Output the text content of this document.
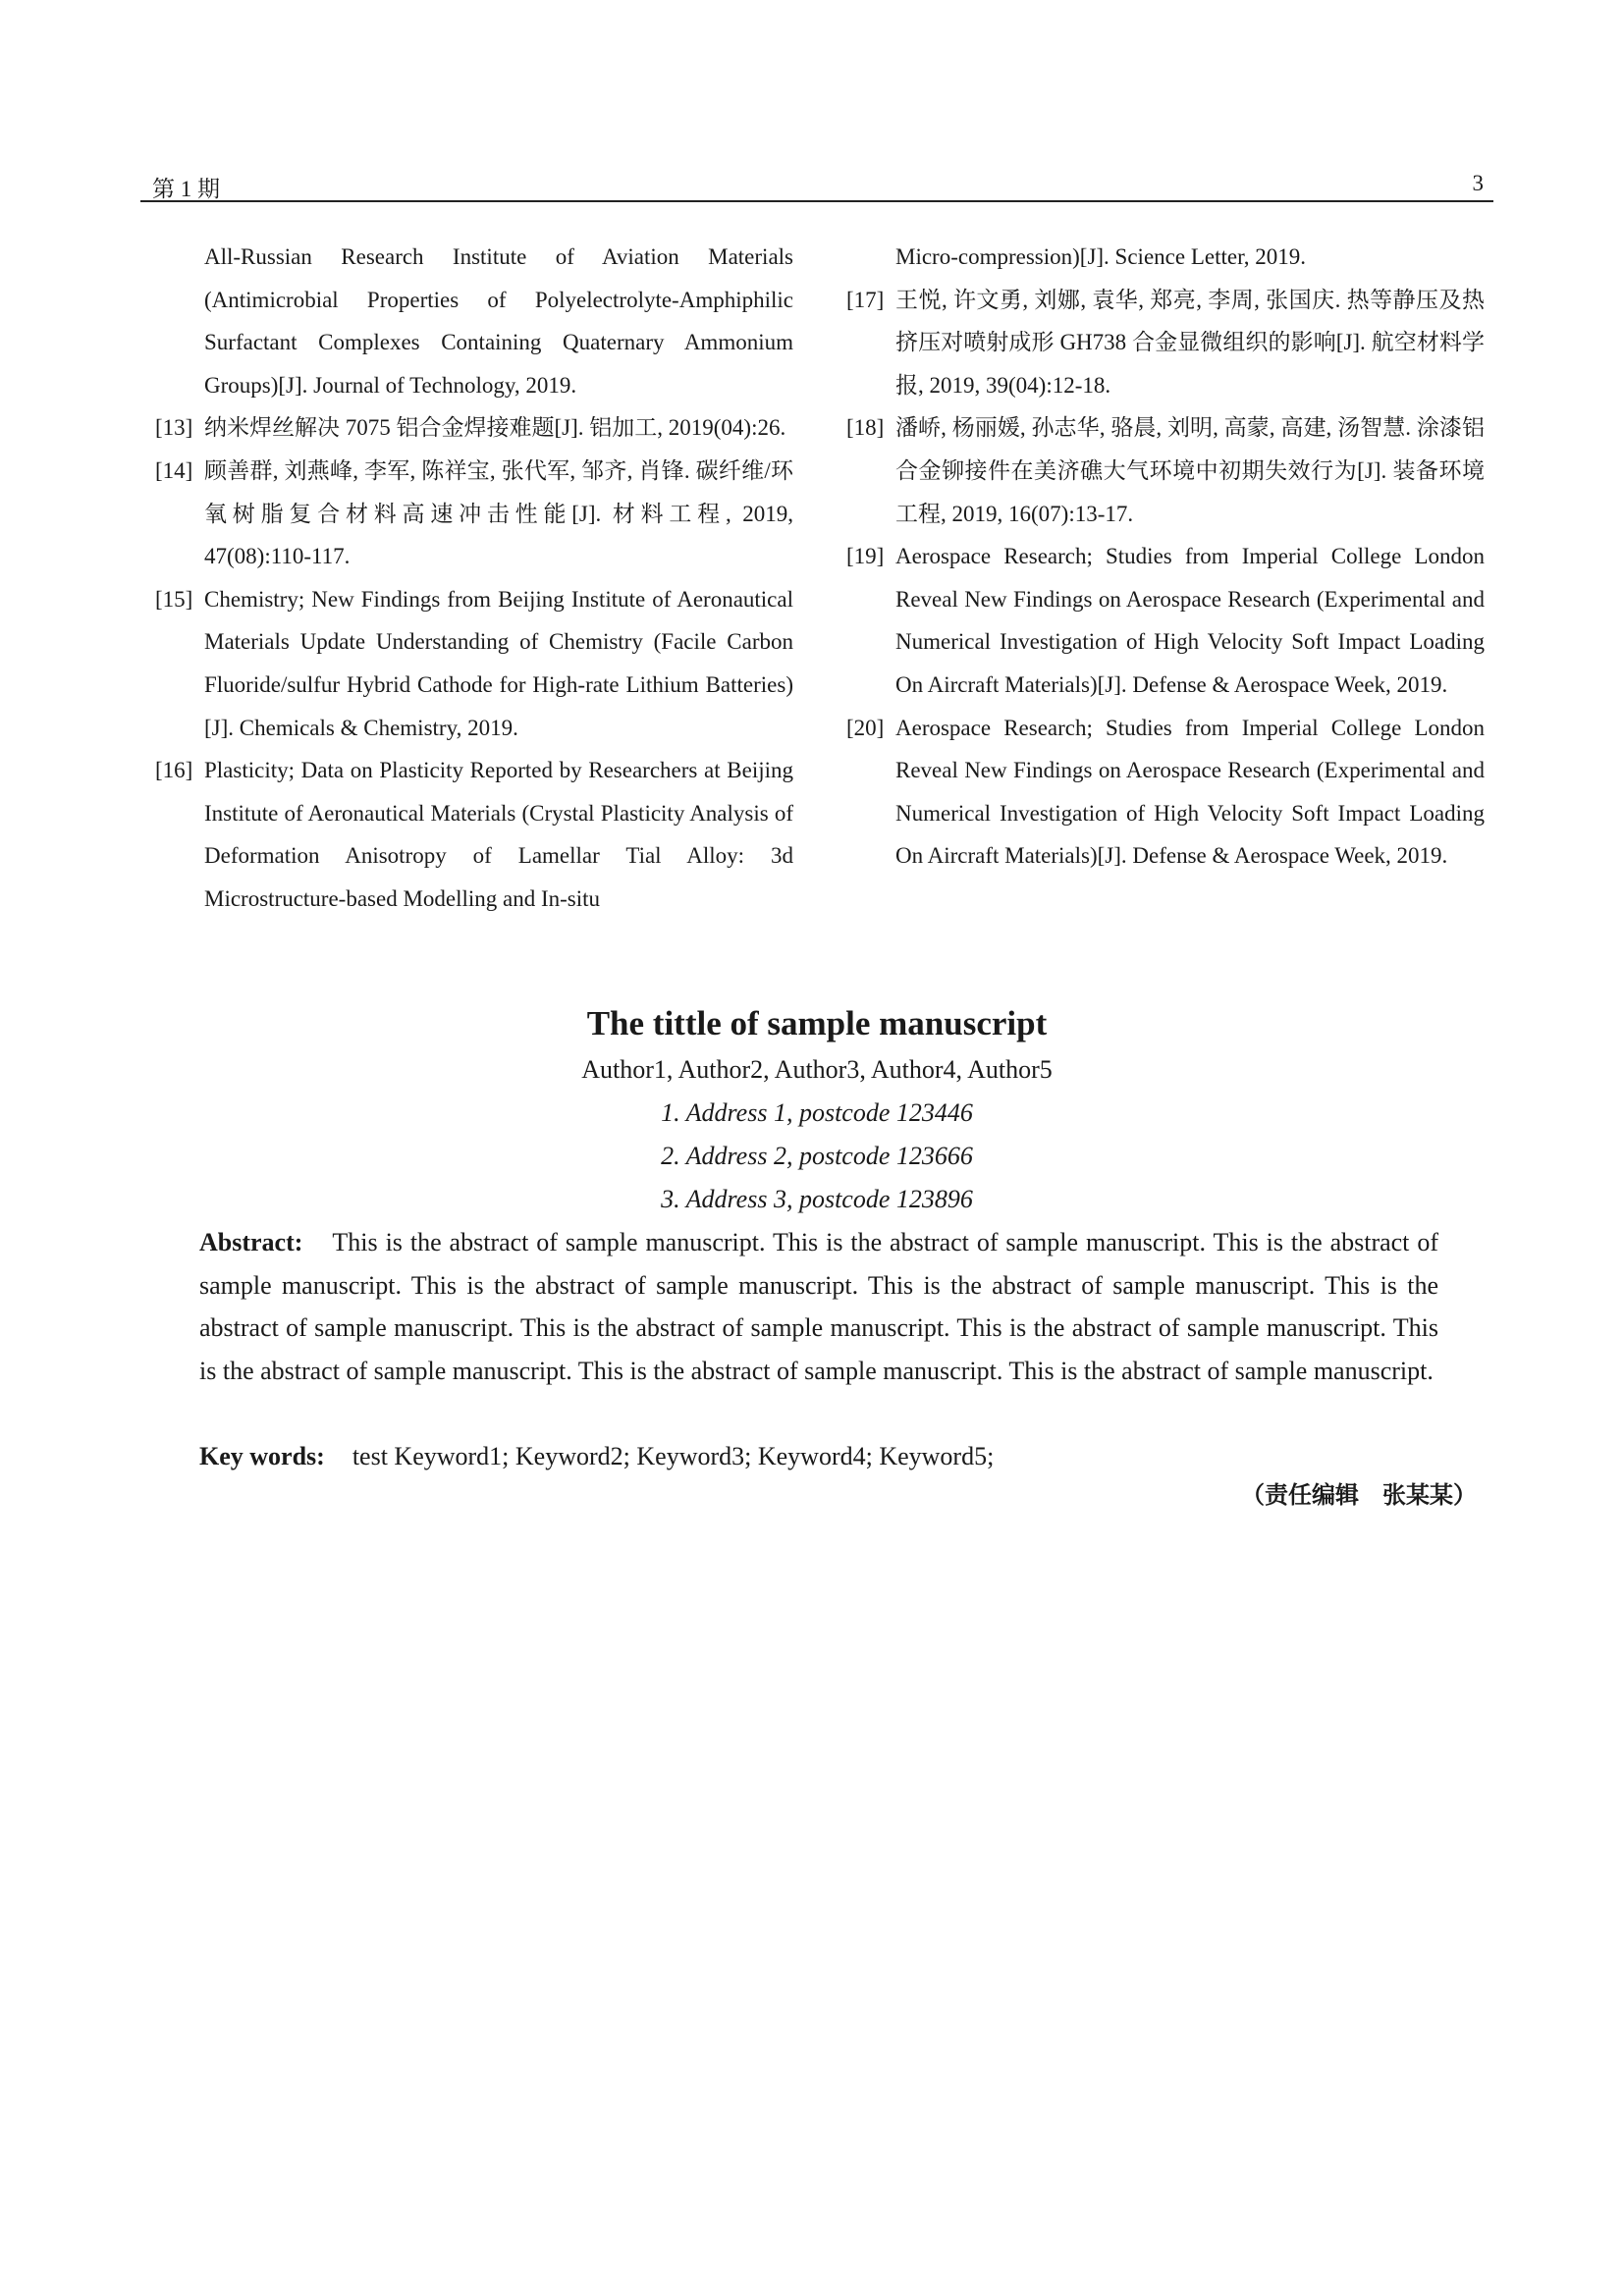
第 1 期	3
All-Russian Research Institute of Aviation Materials (Antimicrobial Properties of Polyelectrolyte-Amphiphilic Surfactant Complexes Containing Quaternary Ammonium Groups)[J]. Journal of Technology, 2019.
[13] 纳米焊丝解决 7075 铝合金焊接难题[J]. 铝加工, 2019(04):26.
[14] 顾善群, 刘燕峰, 李军, 陈祥宝, 张代军, 邹齐, 肖锋. 碳纤维/环氧树脂复合材料高速冲击性能[J]. 材料工程, 2019, 47(08):110-117.
[15] Chemistry; New Findings from Beijing Institute of Aeronautical Materials Update Understanding of Chemistry (Facile Carbon Fluoride/sulfur Hybrid Cathode for High-rate Lithium Batteries)[J]. Chemicals & Chemistry, 2019.
[16] Plasticity; Data on Plasticity Reported by Researchers at Beijing Institute of Aeronautical Materials (Crystal Plasticity Analysis of Deformation Anisotropy of Lamellar Tial Alloy: 3d Microstructure-based Modelling and In-situ
Micro-compression)[J]. Science Letter, 2019.
[17] 王悦, 许文勇, 刘娜, 袁华, 郑亮, 李周, 张国庆. 热等静压及热挤压对喷射成形 GH738 合金显微组织的影响[J]. 航空材料学报, 2019, 39(04):12-18.
[18] 潘峤, 杨丽媛, 孙志华, 骆晨, 刘明, 高蒙, 高建, 汤智慧. 涂漆铝合金铆接件在美济礁大气环境中初期失效行为[J]. 装备环境工程, 2019, 16(07):13-17.
[19] Aerospace Research; Studies from Imperial College London Reveal New Findings on Aerospace Research (Experimental and Numerical Investigation of High Velocity Soft Impact Loading On Aircraft Materials)[J]. Defense & Aerospace Week, 2019.
[20] Aerospace Research; Studies from Imperial College London Reveal New Findings on Aerospace Research (Experimental and Numerical Investigation of High Velocity Soft Impact Loading On Aircraft Materials)[J]. Defense & Aerospace Week, 2019.
The tittle of sample manuscript
Author1, Author2, Author3, Author4, Author5
1. Address 1, postcode 123446
2. Address 2, postcode 123666
3. Address 3, postcode 123896
Abstract: This is the abstract of sample manuscript. This is the abstract of sample manuscript. This is the abstract of sample manuscript. This is the abstract of sample manuscript. This is the abstract of sample manuscript. This is the abstract of sample manuscript. This is the abstract of sample manuscript. This is the abstract of sample manuscript. This is the abstract of sample manuscript. This is the abstract of sample manuscript. This is the abstract of sample manuscript.
Key words: test Keyword1; Keyword2; Keyword3; Keyword4; Keyword5;
（责任编辑　张某某）
